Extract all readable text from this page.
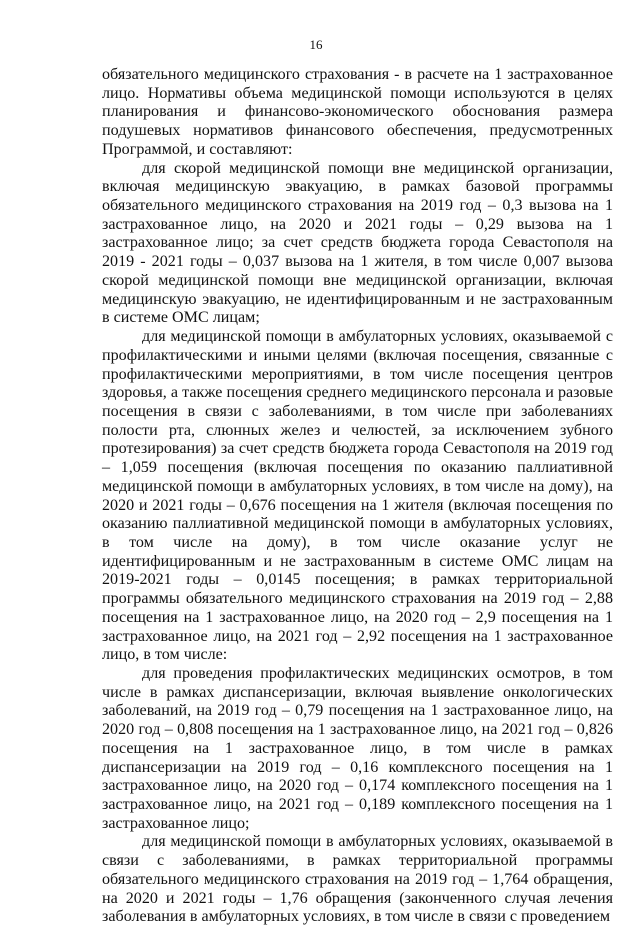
16

обязательного медицинского страхования - в расчете на 1 застрахованное лицо. Нормативы объема медицинской помощи используются в целях планирования и финансово-экономического обоснования размера подушевых нормативов финансового обеспечения, предусмотренных Программой, и составляют:

для скорой медицинской помощи вне медицинской организации, включая медицинскую эвакуацию, в рамках базовой программы обязательного медицинского страхования на 2019 год – 0,3 вызова на 1 застрахованное лицо, на 2020 и 2021 годы – 0,29 вызова на 1 застрахованное лицо; за счет средств бюджета города Севастополя на 2019 - 2021 годы – 0,037 вызова на 1 жителя, в том числе 0,007 вызова скорой медицинской помощи вне медицинской организации, включая медицинскую эвакуацию, не идентифицированным и не застрахованным в системе ОМС лицам;

для медицинской помощи в амбулаторных условиях, оказываемой с профилактическими и иными целями (включая посещения, связанные с профилактическими мероприятиями, в том числе посещения центров здоровья, а также посещения среднего медицинского персонала и разовые посещения в связи с заболеваниями, в том числе при заболеваниях полости рта, слюнных желез и челюстей, за исключением зубного протезирования) за счет средств бюджета города Севастополя на 2019 год – 1,059 посещения (включая посещения по оказанию паллиативной медицинской помощи в амбулаторных условиях, в том числе на дому), на 2020 и 2021 годы – 0,676 посещения на 1 жителя (включая посещения по оказанию паллиативной медицинской помощи в амбулаторных условиях, в том числе на дому), в том числе оказание услуг не идентифицированным и не застрахованным в системе ОМС лицам на 2019-2021 годы – 0,0145 посещения; в рамках территориальной программы обязательного медицинского страхования на 2019 год – 2,88 посещения на 1 застрахованное лицо, на 2020 год – 2,9 посещения на 1 застрахованное лицо, на 2021 год – 2,92 посещения на 1 застрахованное лицо, в том числе:

для проведения профилактических медицинских осмотров, в том числе в рамках диспансеризации, включая выявление онкологических заболеваний, на 2019 год – 0,79 посещения на 1 застрахованное лицо, на 2020 год – 0,808 посещения на 1 застрахованное лицо, на 2021 год – 0,826 посещения на 1 застрахованное лицо, в том числе в рамках диспансеризации на 2019 год – 0,16 комплексного посещения на 1 застрахованное лицо, на 2020 год – 0,174 комплексного посещения на 1 застрахованное лицо, на 2021 год – 0,189 комплексного посещения на 1 застрахованное лицо;

для медицинской помощи в амбулаторных условиях, оказываемой в связи с заболеваниями, в рамках территориальной программы обязательного медицинского страхования на 2019 год – 1,764 обращения, на 2020 и 2021 годы – 1,76 обращения (законченного случая лечения заболевания в амбулаторных условиях, в том числе в связи с проведением
